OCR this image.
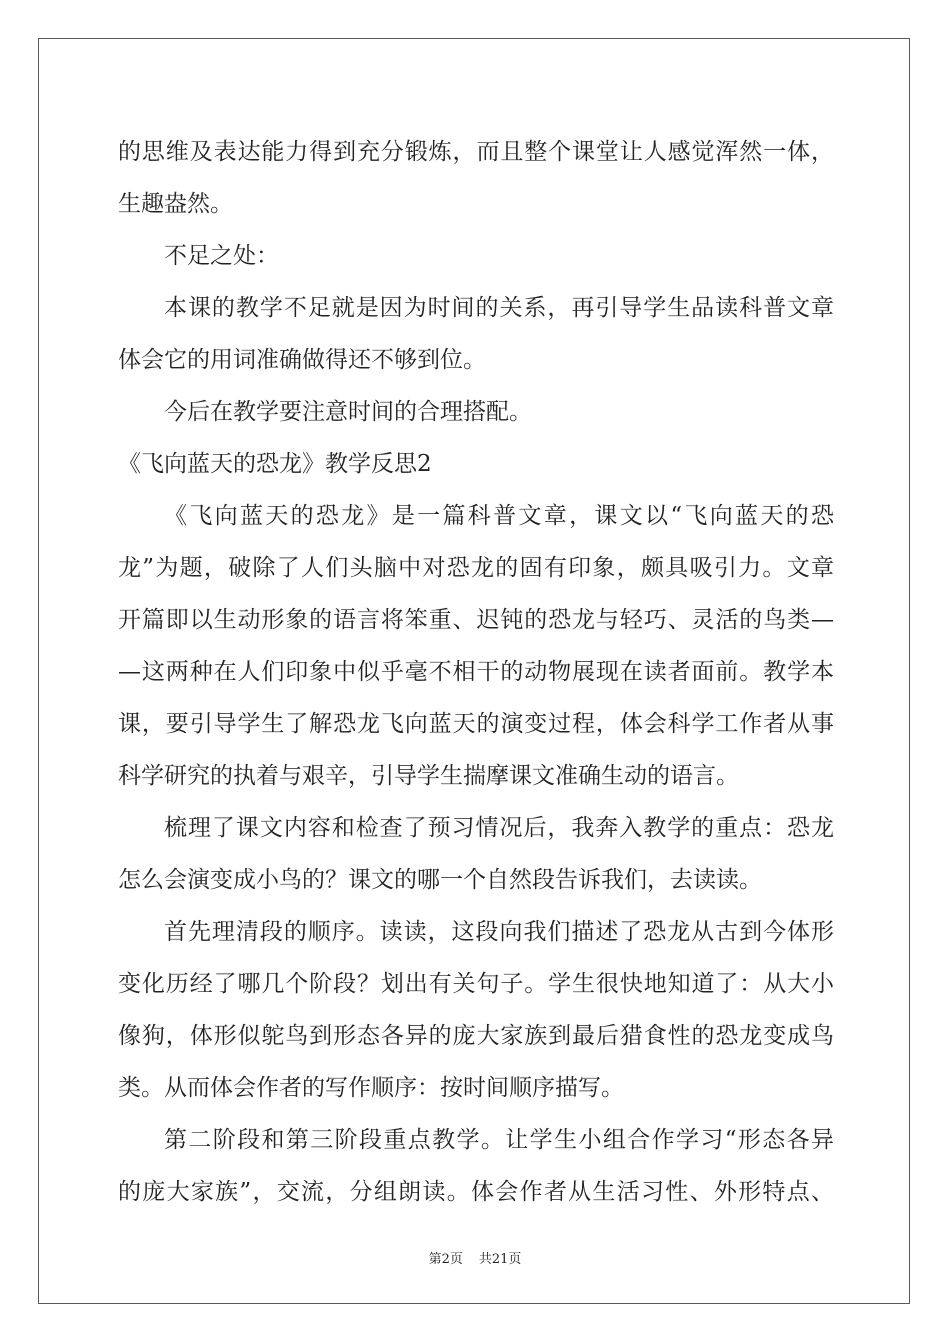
的思维及表达能力得到充分锻炼，而且整个课堂让人感觉浑然一体，
生趣盎然。
不足之处：
本课的教学不足就是因为时间的关系，再引导学生品读科普文章
体会它的用词准确做得还不够到位。
今后在教学要注意时间的合理搭配。
《飞向蓝天的恐龙》教学反思2
《飞向蓝天的恐龙》是一篇科普文章，课文以“飞向蓝天的恐
龙”为题，破除了人们头脑中对恐龙的固有印象，颇具吸引力。文章
开篇即以生动形象的语言将笨重、迟钝的恐龙与轻巧、灵活的鸟类—
—这两种在人们印象中似乎毫不相干的动物展现在读者面前。教学本
课，要引导学生了解恐龙飞向蓝天的演变过程，体会科学工作者从事
科学研究的执着与艰辛，引导学生揣摩课文准确生动的语言。
梳理了课文内容和检查了预习情况后，我奔入教学的重点：恐龙
怎么会演变成小鸟的？课文的哪一个自然段告诉我们，去读读。
首先理清段的顺序。读读，这段向我们描述了恐龙从古到今体形
变化历经了哪几个阶段？划出有关句子。学生很快地知道了：从大小
像狗，体形似鸵鸟到形态各异的庞大家族到最后猎食性的恐龙变成鸟
类。从而体会作者的写作顺序：按时间顺序描写。
第二阶段和第三阶段重点教学。让学生小组合作学习“形态各异
的庞大家族”，交流，分组朗读。体会作者从生活习性、外形特点、
第2页 共21页
